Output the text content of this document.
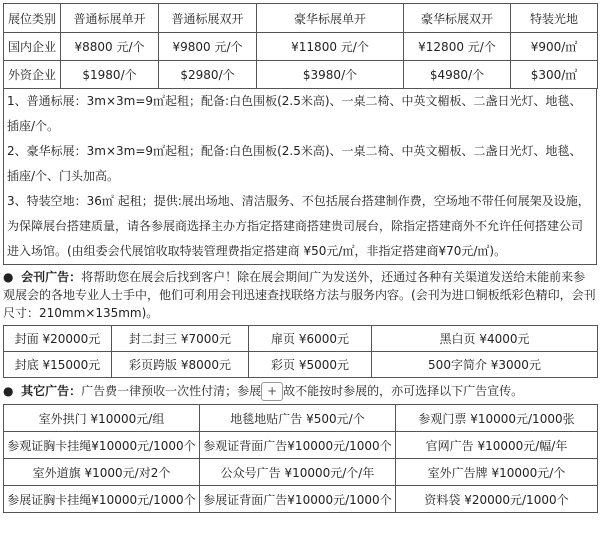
展位类别	普通标展单开	普通标展双开	豪华标展单开	豪华标展双开	特装光地
国内企业	¥8800 元/个	¥9800 元/个	¥11800 元/个	¥12800 元/个	¥900/㎡
外资企业	$1980/个	$2980/个	$3980/个	$4980/个	$300/㎡
1、普通标展：3m×3m=9㎡起租；配备:白色围板(2.5米高)、一桌二椅、中英文楣板、二盏日光灯、地毯、插座/个。
2、豪华标展：3m×3m=9㎡起租；配备:白色围板(2.5米高)、一桌二椅、中英文楣板、二盏日光灯、地毯、插座/个、门头加高。
3、特装空地：36㎡ 起租；提供:展出场地、清洁服务、不包括展台搭建制作费，空场地不带任何展架及设施，为保障展台搭建质量，请各参展商选择主办方指定搭建商搭建贵司展台，除指定搭建商外不允许任何搭建公司进入场馆。(由组委会代展馆收取特装管理费指定搭建商 ¥50元/㎡，非指定搭建商¥70元/㎡)。
● 会刊广告：将帮助您在展会后找到客户！除在展会期间广为发送外，还通过各种有关渠道发送给未能前来参观展会的各地专业人士手中，他们可利用会刊迅速查找联络方法与服务内容。(会刊为进口铜板纸彩色精印，会刊尺寸：210mm×135mm)。
封面 ¥20000元	封二封三 ¥7000元	扉页 ¥6000元	黑白页 ¥4000元
封底 ¥15000元	彩页跨版 ¥8000元	彩页 ¥5000元	500字简介 ¥3000元
● 其它广告：广告费一律预收一次性付清；参展 + 故不能按时参展的，亦可选择以下广告宣传。
室外拱门 ¥10000元/组	地毯地贴广告 ¥500元/个	参观门票 ¥10000元/1000张
参观证胸卡挂绳¥10000元/1000个	参观证背面广告¥10000元/1000个	官网广告 ¥10000元/幅/年
室外道旗 ¥1000元/对2个	公众号广告 ¥10000元/个/年	室外广告牌 ¥10000元/个
参展证胸卡挂绳¥10000元/1000个	参展证背面广告¥10000元/1000个	资料袋 ¥20000元/1000个
